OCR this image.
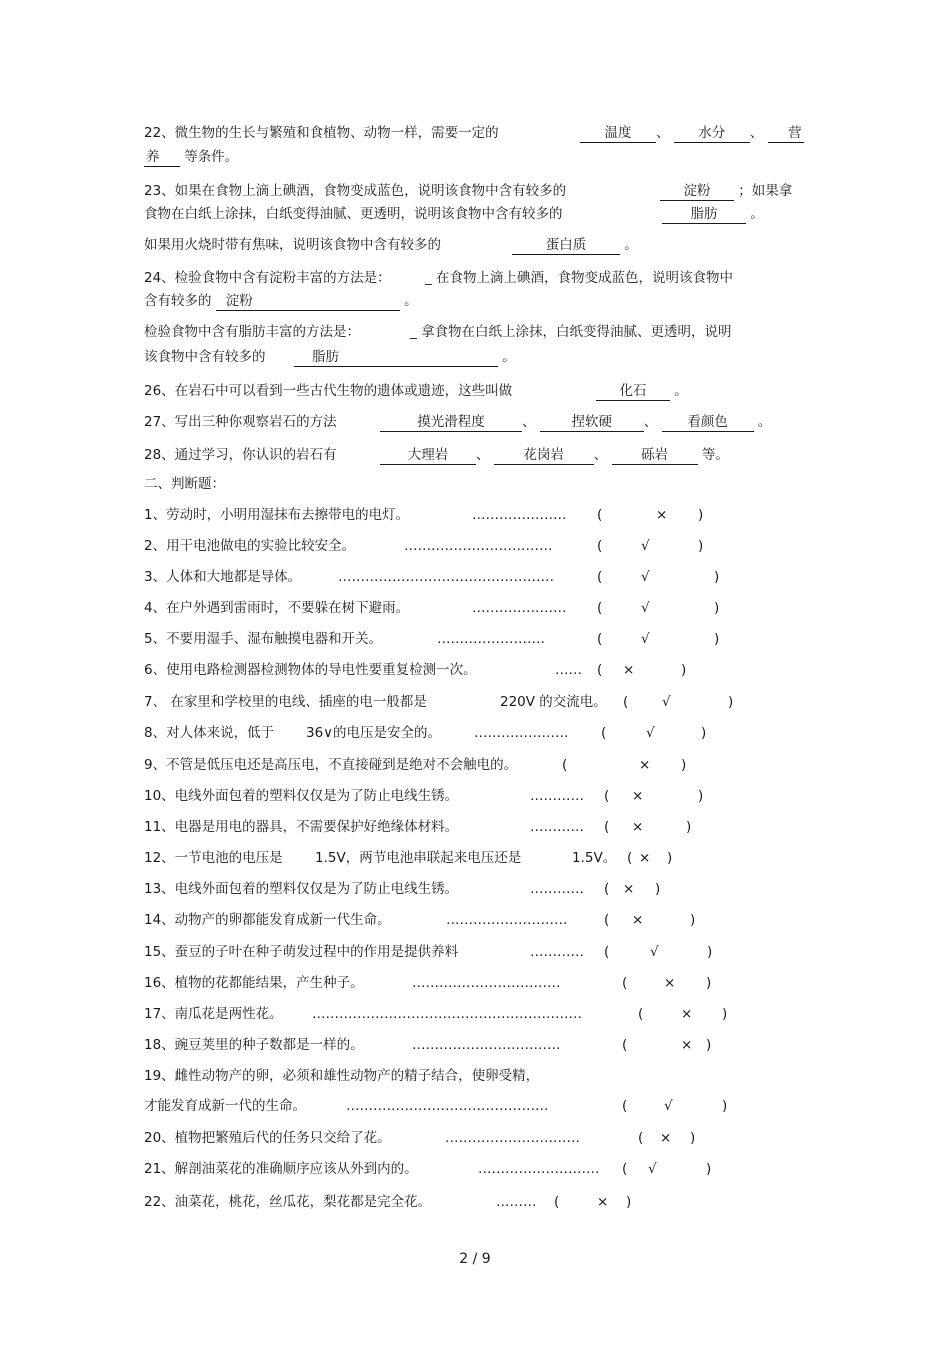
22、微生物的生长与繁殖和食植物、动物一样，需要一定的	温度 、 水分 、 营
养 等条件。
23、如果在食物上滴上碘酒，食物变成蓝色，说明该食物中含有较多的	淀粉 ；如果拿
食物在白纸上涂抹，白纸变得油腻、更透明，说明该食物中含有较多的	脂肪 。
如果用火烧时带有焦味，说明该食物中含有较多的	蛋白质	。
24、检验食物中含有淀粉丰富的方法是：	_ 在食物上滴上碘酒，食物变成蓝色，说明该食物中
含有较多的 淀粉	。
检验食物中含有脂肪丰富的方法是：	_ 拿食物在白纸上涂抹，白纸变得油腻、更透明，说明
该食物中含有较多的	脂肪	。
26、在岩石中可以看到一些古代生物的遗体或遗迹，这些叫做	化石 。
27、写出三种你观察岩石的方法	摸光滑程度	、	捏软硬 、 看颜色 。
28、通过学习，你认识的岩石有	大理岩 、	花岗岩 、	砾岩	等。
二、判断题：
1、劳动时，小明用湿抹布去擦带电的电灯。	………………… (	× )
2、用干电池做电的实验比较安全。	……………………………	(	√	)
3、人体和大地都是导体。	…………………………………………	(	√	)
4、在户外遇到雷雨时，不要躲在树下避雨。	………………… (	√	)
5、不要用湿手、湿布触摸电器和开关。	……………………	(	√	)
6、使用电路检测器检测物体的导电性要重复检测一次。	…… ( ×	)
7、 在家里和学校里的电线、插座的电一般都是	220V 的交流电。 ( √	)
8、对人体来说，低于 36∨的电压是安全的。 ………………… (	√	)
9、不管是低压电还是高压电，不直接碰到是绝对不会触电的。	(	× )
10、电线外面包着的塑料仅仅是为了防止电线生锈。	………… ( ×	)
11、电器是用电的器具，不需要保护好绝缘体材料。	………… ( ×	)
12、一节电池的电压是 1.5V，两节电池串联起来电压还是	1.5V。 ( × )
13、电线外面包着的塑料仅仅是为了防止电线生锈。	………… ( × )
14、动物产的卵都能发育成新一代生命。	………………………	( ×	)
15、蚕豆的子叶在种子萌发过程中的作用是提供养料	………… (	√	)
16、植物的花都能结果，产生种子。	……………………………	(	× )
17、南瓜花是两性花。 ……………………………………………………	(	× )
18、豌豆荚里的种子数都是一样的。	……………………………	(	× )
19、雌性动物产的卵，必须和雄性动物产的精子结合，使卵受精，
才能发育成新一代的生命。	………………………………………	(	√	)
20、植物把繁殖后代的任务只交给了花。	…………………………	( × )
21、解剖油菜花的准确顺序应该从外到内的。	……………………… ( √	)
22、油菜花，桃花，丝瓜花，梨花都是完全花。	……… (	× )
2 / 9
